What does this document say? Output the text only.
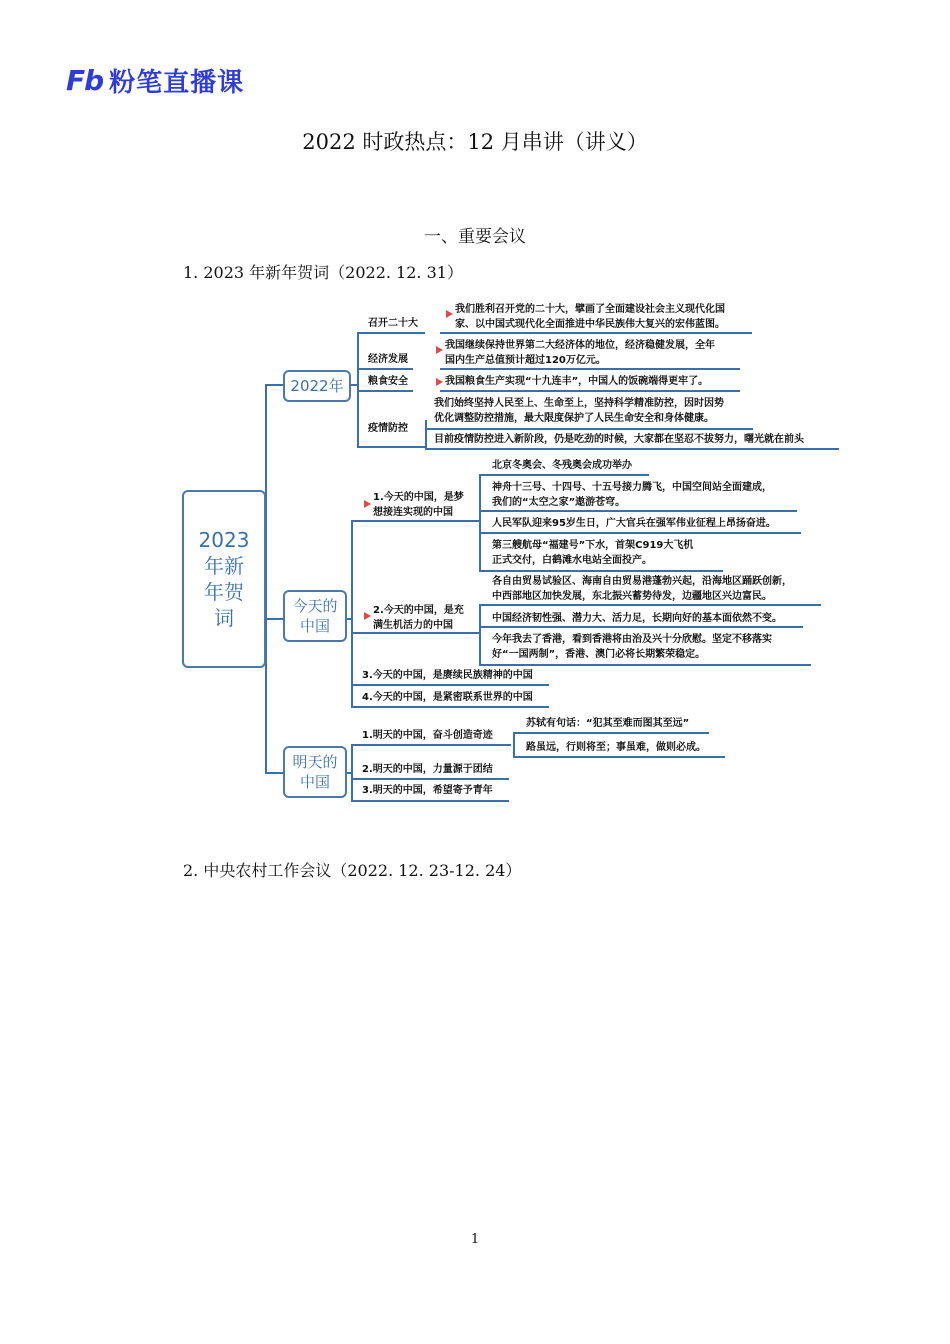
Fb 粉笔直播课
2022 时政热点：12 月串讲（讲义）
一、重要会议
1. 2023 年新年贺词（2022. 12. 31）
2023
年新
年贺
词
2022年
今天的
中国
明天的
中国
召开二十大
我们胜利召开党的二十大，擘画了全面建设社会主义现代化国
家、以中国式现代化全面推进中华民族伟大复兴的宏伟蓝图。
经济发展
我国继续保持世界第二大经济体的地位，经济稳健发展，全年
国内生产总值预计超过120万亿元。
粮食安全	我国粮食生产实现“十九连丰”，中国人的饭碗端得更牢了。
疫情防控
我们始终坚持人民至上、生命至上，坚持科学精准防控，因时因势
优化调整防控措施，最大限度保护了人民生命安全和身体健康。
目前疫情防控进入新阶段，仍是吃劲的时候，大家都在坚忍不拔努力，曙光就在前头
1.今天的中国，是梦
想接连实现的中国
北京冬奥会、冬残奥会成功举办
神舟十三号、十四号、十五号接力腾飞，中国空间站全面建成，
我们的“太空之家”遨游苍穹。
人民军队迎来95岁生日，广大官兵在强军伟业征程上昂扬奋进。
第三艘航母“福建号”下水，首架C919大飞机
正式交付，白鹤滩水电站全面投产。
2.今天的中国，是充
满生机活力的中国
各自由贸易试验区、海南自由贸易港蓬勃兴起，沿海地区踊跃创新，
中西部地区加快发展，东北振兴蓄势待发，边疆地区兴边富民。
中国经济韧性强、潜力大、活力足，长期向好的基本面依然不变。
今年我去了香港，看到香港将由治及兴十分欣慰。坚定不移落实
好“一国两制”，香港、澳门必将长期繁荣稳定。
3.今天的中国，是赓续民族精神的中国
4.今天的中国，是紧密联系世界的中国
1.明天的中国，奋斗创造奇迹
苏轼有句话：“犯其至难而图其至远”
路虽远，行则将至；事虽难，做则必成。
2.明天的中国，力量源于团结
3.明天的中国，希望寄予青年
2. 中央农村工作会议（2022. 12. 23-12. 24）
1
